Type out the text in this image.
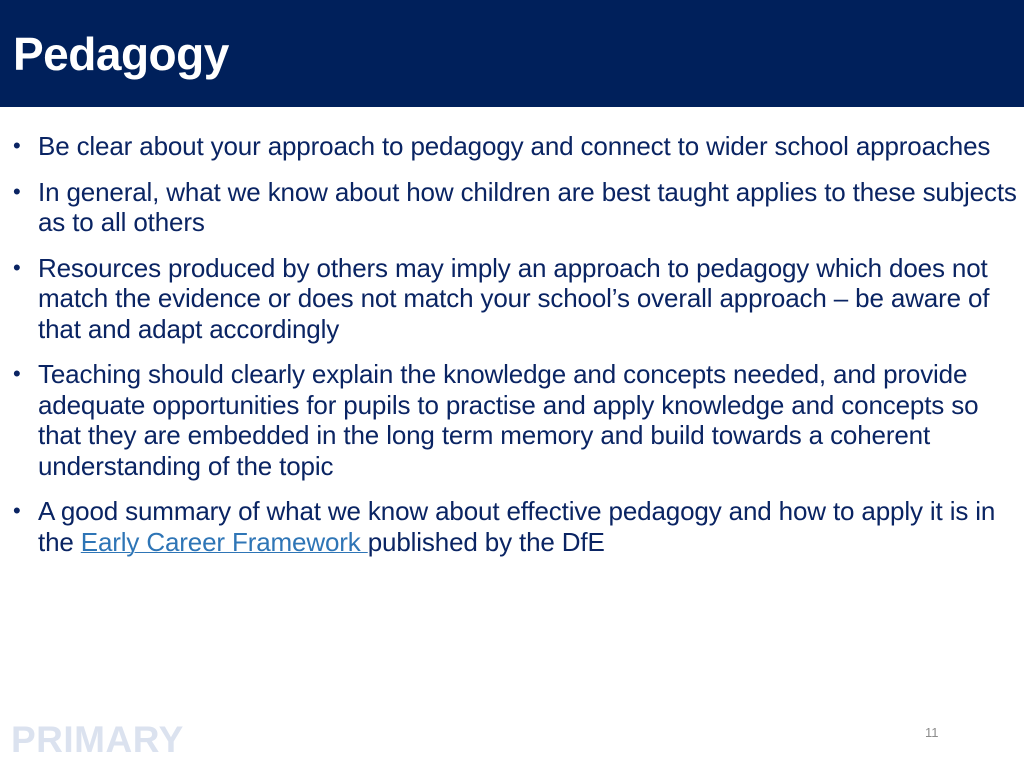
Pedagogy
• Be clear about your approach to pedagogy and connect to wider school approaches
• In general, what we know about how children are best taught applies to these subjects as to all others
• Resources produced by others may imply an approach to pedagogy which does not match the evidence or does not match your school’s overall approach – be aware of that and adapt accordingly
• Teaching should clearly explain the knowledge and concepts needed, and provide adequate opportunities for pupils to practise and apply knowledge and concepts so that they are embedded in the long term memory and build towards a coherent understanding of the topic
• A good summary of what we know about effective pedagogy and how to apply it is in the Early Career Framework published by the DfE
PRIMARY	11
